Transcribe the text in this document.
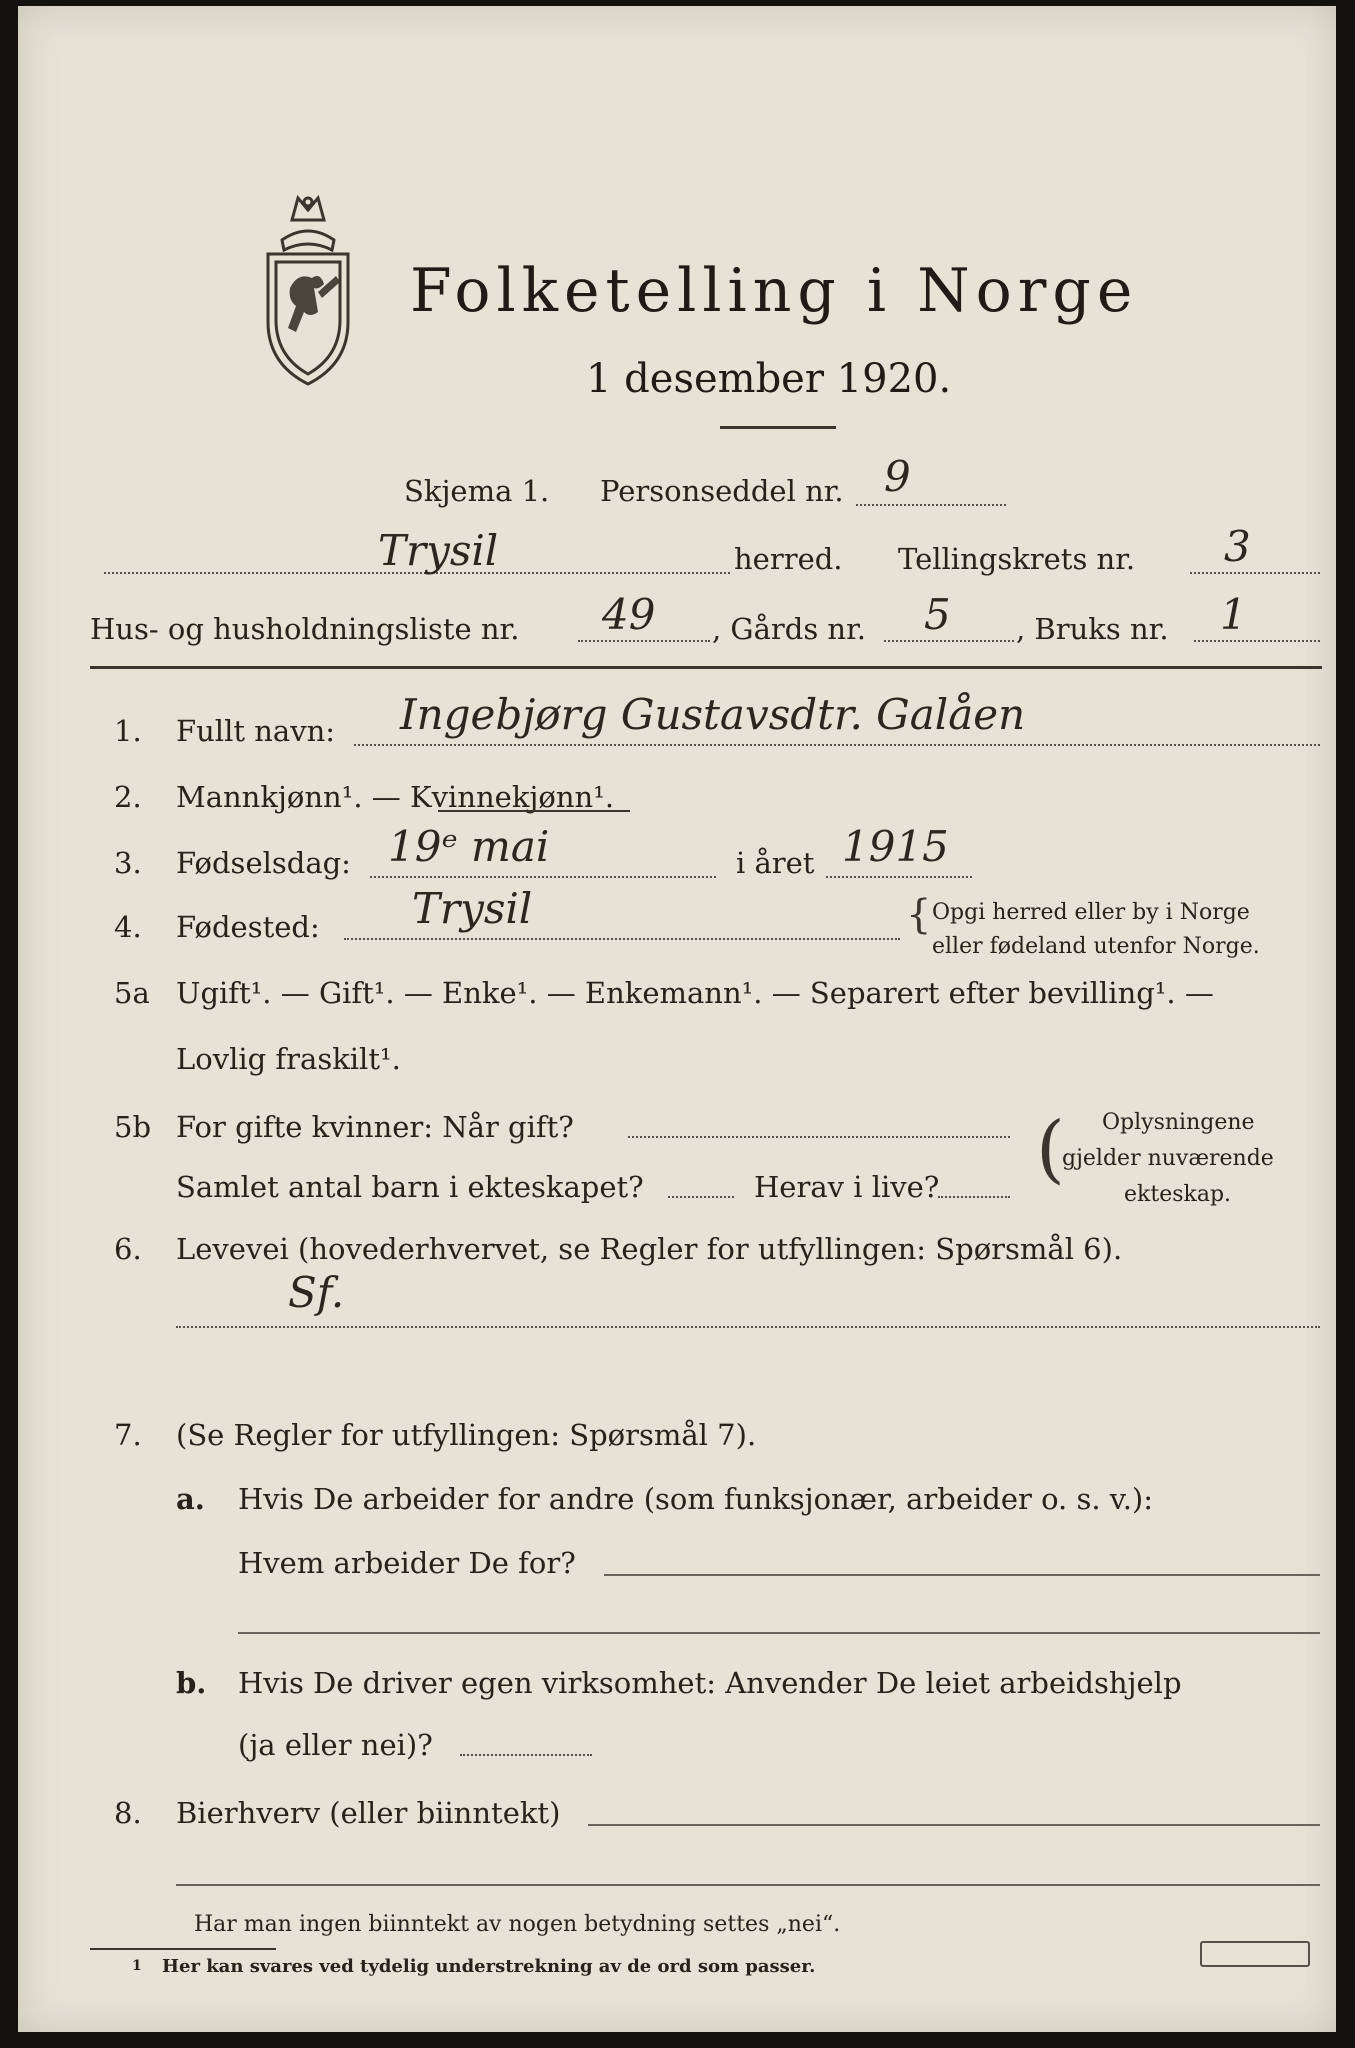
Folketelling i Norge
1 desember 1920.
Skjema 1. Personseddel nr. 9
Trysil	herred. Tellingskrets nr. 3
Hus- og husholdningsliste nr. 49 , Gårds nr. 5 , Bruks nr. 1
1. Fullt navn: Ingebjørg Gustavsdtr. Galåen
2. Mannkjønn¹. — Kvinnekjønn¹.
3. Fødselsdag: 19ᵉ mai	i året 1915
4. Fødested: Trysil	{ Opgi herred eller by i Norge
eller fødeland utenfor Norge.
5a Ugift¹. — Gift¹. — Enke¹. — Enkemann¹. — Separert efter bevilling¹. —
Lovlig fraskilt¹.
5b For gifte kvinner: Når gift?
Samlet antal barn i ekteskapet?	Herav i live? ( Oplysningene
gjelder nuværende
ekteskap.
6. Levevei (hovederhvervet, se Regler for utfyllingen: Spørsmål 6).
Sf.
7. (Se Regler for utfyllingen: Spørsmål 7).
a. Hvis De arbeider for andre (som funksjonær, arbeider o. s. v.):
Hvem arbeider De for?
b. Hvis De driver egen virksomhet: Anvender De leiet arbeidshjelp
(ja eller nei)?
8. Bierhverv (eller biinntekt)
Har man ingen biinntekt av nogen betydning settes „nei“.
1 Her kan svares ved tydelig understrekning av de ord som passer.
